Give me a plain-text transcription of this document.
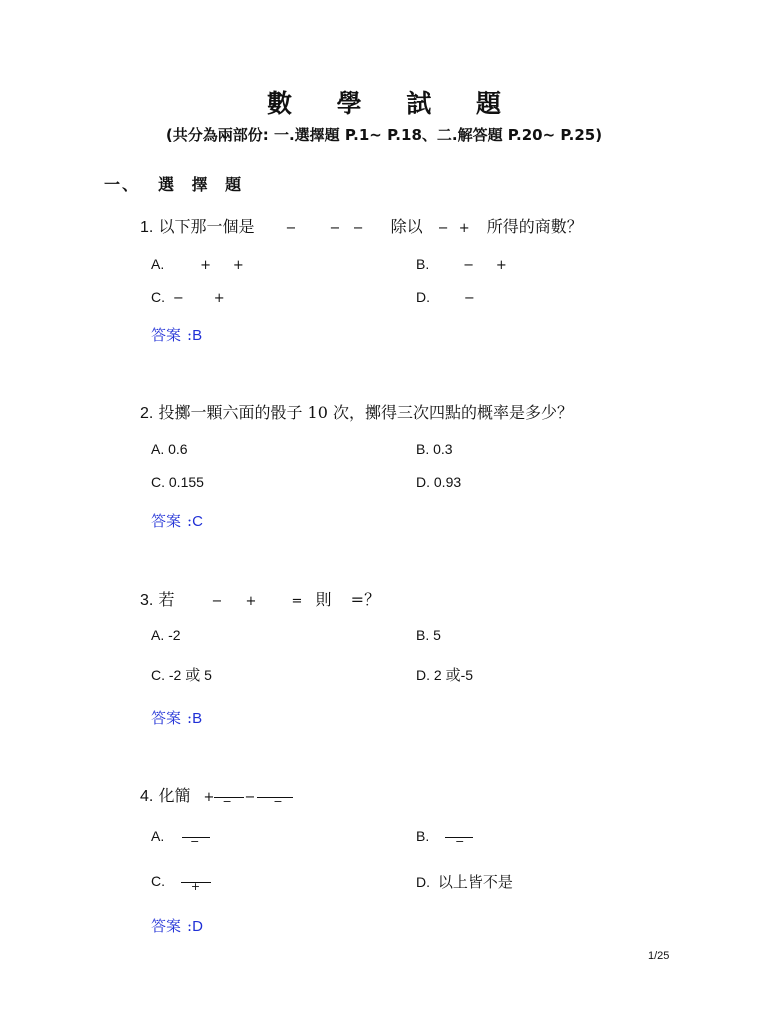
數 學 試 題
(共分為兩部份: 一.選擇題 P.1~ P.18、二.解答題 P.20~ P.25)
一、 選 擇 題
1. 以下那一個是 −	− − 除以 − + 所得的商數？
A.	+ +	B.	− +
C. − +	D.	−
答案 :B
2. 投擲一顆六面的骰子 10 次，擲得三次四點的概率是多少？
A. 0.6	B. 0.3
C. 0.155	D. 0.93
答案 :C
3. 若	− +	= 則 =？
A. -2	B. 5
C. -2 或 5	D. 2 或-5
答案 :B
4. 化簡 + − − −
A. −	B. −
C. +	D. 以上皆不是
答案 :D
1/25
